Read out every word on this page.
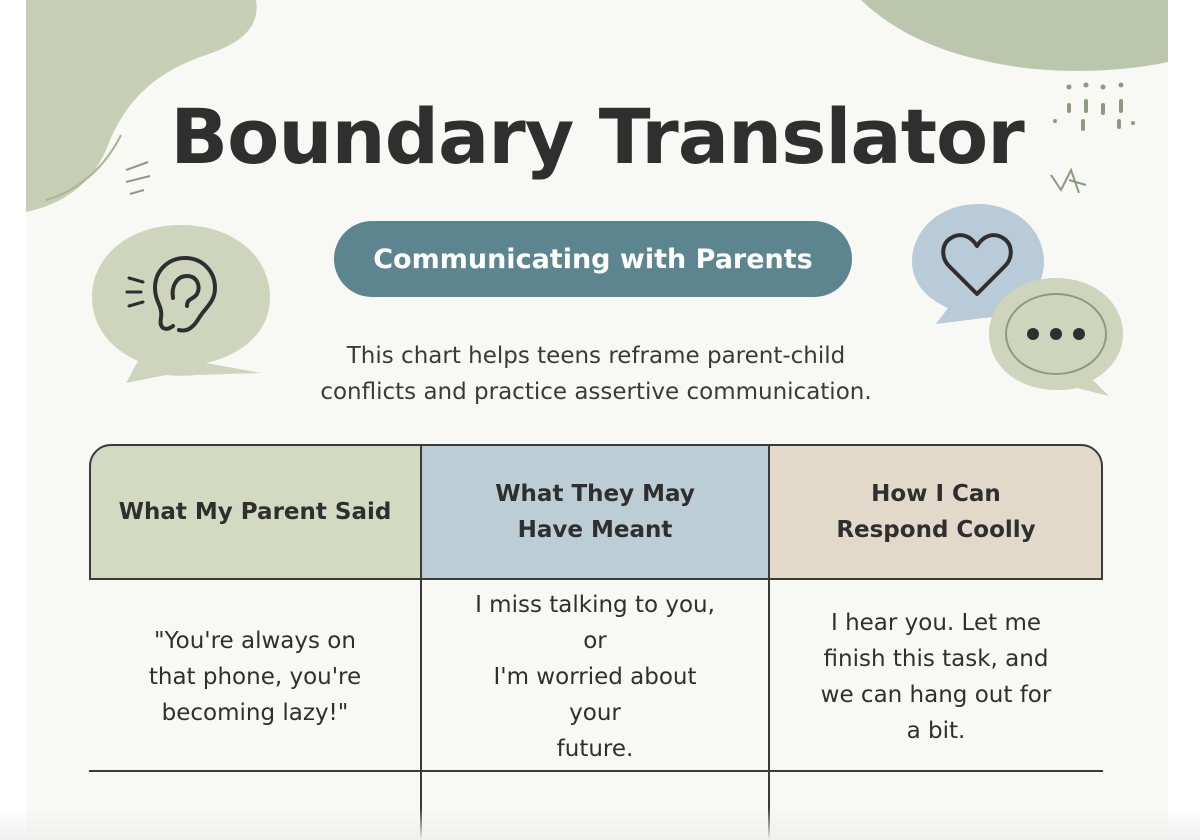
Boundary Translator
Communicating with Parents
This chart helps teens reframe parent-child
conflicts and practice assertive communication.
What My Parent Said
What They May
Have Meant
How I Can
Respond Coolly
"You're always on
that phone, you're
becoming lazy!"
I miss talking to you, or
I'm worried about your
future.
I hear you. Let me
finish this task, and
we can hang out for
a bit.
